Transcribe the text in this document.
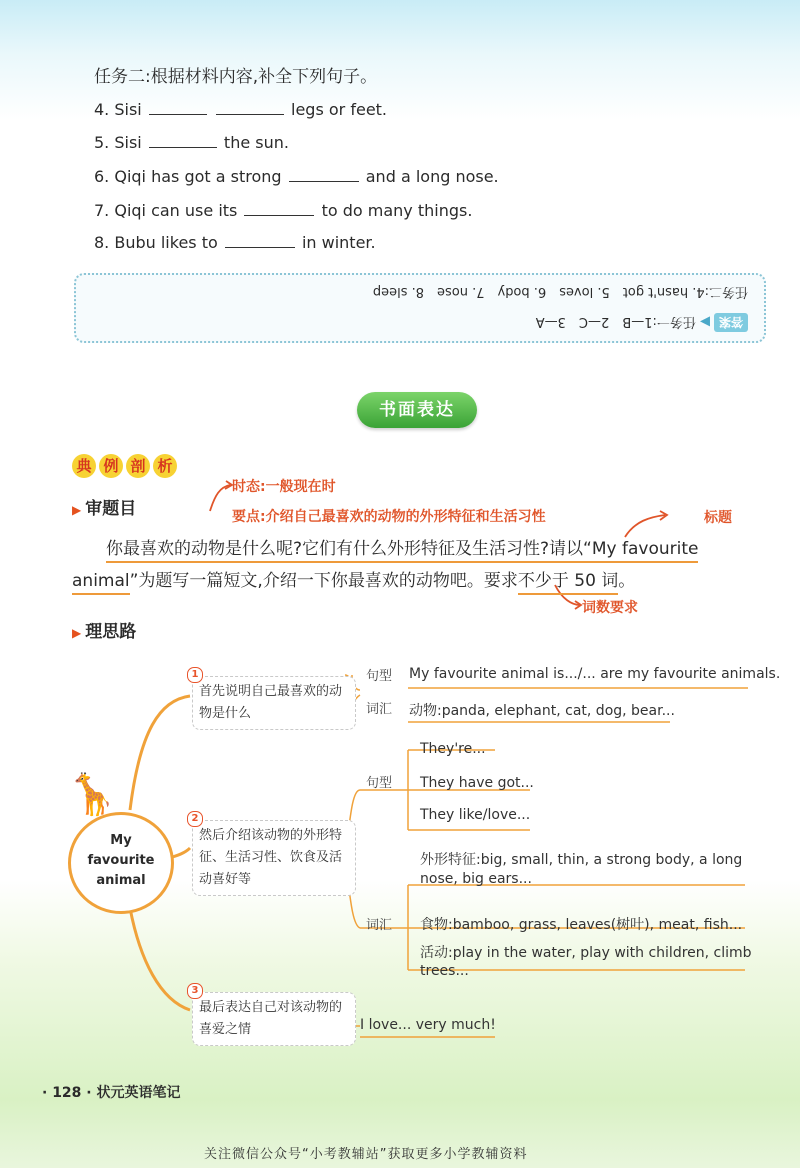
任务二:根据材料内容,补全下列句子。
4. Sisi	legs or feet.
5. Sisi	the sun.
6. Qiqi has got a strong	and a long nose.
7. Qiqi can use its	to do many things.
8. Bubu likes to	in winter.
答案▶ 任务一:1—B　2—C　3—A
任务二:4. hasn't got　5. loves　6. body　7. nose　8. sleep
书面表达
典 例 剖 析
▶ 审题目
时态:一般现在时
要点:介绍自己最喜欢的动物的外形特征和生活习性	标题
你最喜欢的动物是什么呢?它们有什么外形特征及生活习性?请以“My favourite
animal”为题写一篇短文,介绍一下你最喜欢的动物吧。要求不少于 50 词。
词数要求
▶ 理思路
🦒
My
favourite
animal
1
首先说明自己最喜欢的动物是什么
2
然后介绍该动物的外形特征、生活习性、饮食及活动喜好等
3
最后表达自己对该动物的喜爱之情
句型 My favourite animal is.../... are my favourite animals.
词汇 动物:panda, elephant, cat, dog, bear...
句型
They're...
They have got...
They like/love...
词汇
外形特征:big, small, thin, a strong body, a long
nose, big ears...
食物:bamboo, grass, leaves(树叶), meat, fish...
活动:play in the water, play with children, climb
trees...
I love... very much!
· 128 · 状元英语笔记
关注微信公众号“小考教辅站”获取更多小学教辅资料
